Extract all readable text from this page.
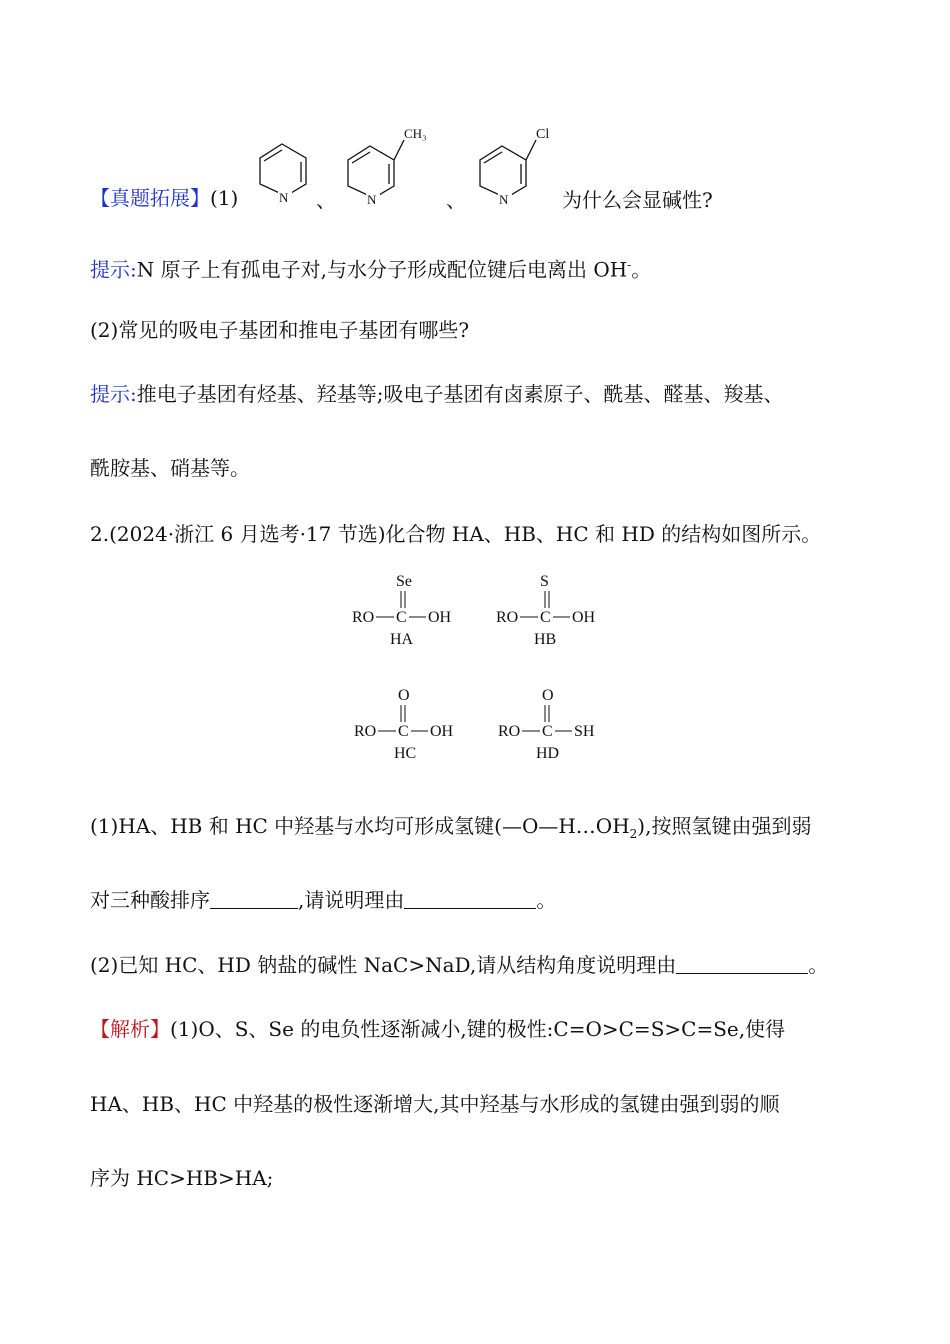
【真题拓展】(1)	N 、
CH₃
N	、
Cl
N	为什么会显碱性?
提示:N 原子上有孤电子对,与水分子形成配位键后电离出 OH-。
(2)常见的吸电子基团和推电子基团有哪些?
提示:推电子基团有烃基、羟基等;吸电子基团有卤素原子、酰基、醛基、羧基、
酰胺基、硝基等。
2.(2024·浙江 6 月选考·17 节选)化合物 HA、HB、HC 和 HD 的结构如图所示。
Se
RO C OH
HA
S
RO C OH
HB
O
RO C OH
HC
O
RO C SH
HD
(1)HA、HB 和 HC 中羟基与水均可形成氢键$(—O—H\dots OH_2)$,按照氢键由强到弱
对三种酸排序	,请说明理由	。
(2)已知 HC、HD 钠盐的碱性 NaC>NaD,请从结构角度说明理由	。
【解析】(1)O、S、Se 的电负性逐渐减小,键的极性:C=O>C=S>C=Se,使得
HA、HB、HC 中羟基的极性逐渐增大,其中羟基与水形成的氢键由强到弱的顺
序为 HC>HB>HA;
